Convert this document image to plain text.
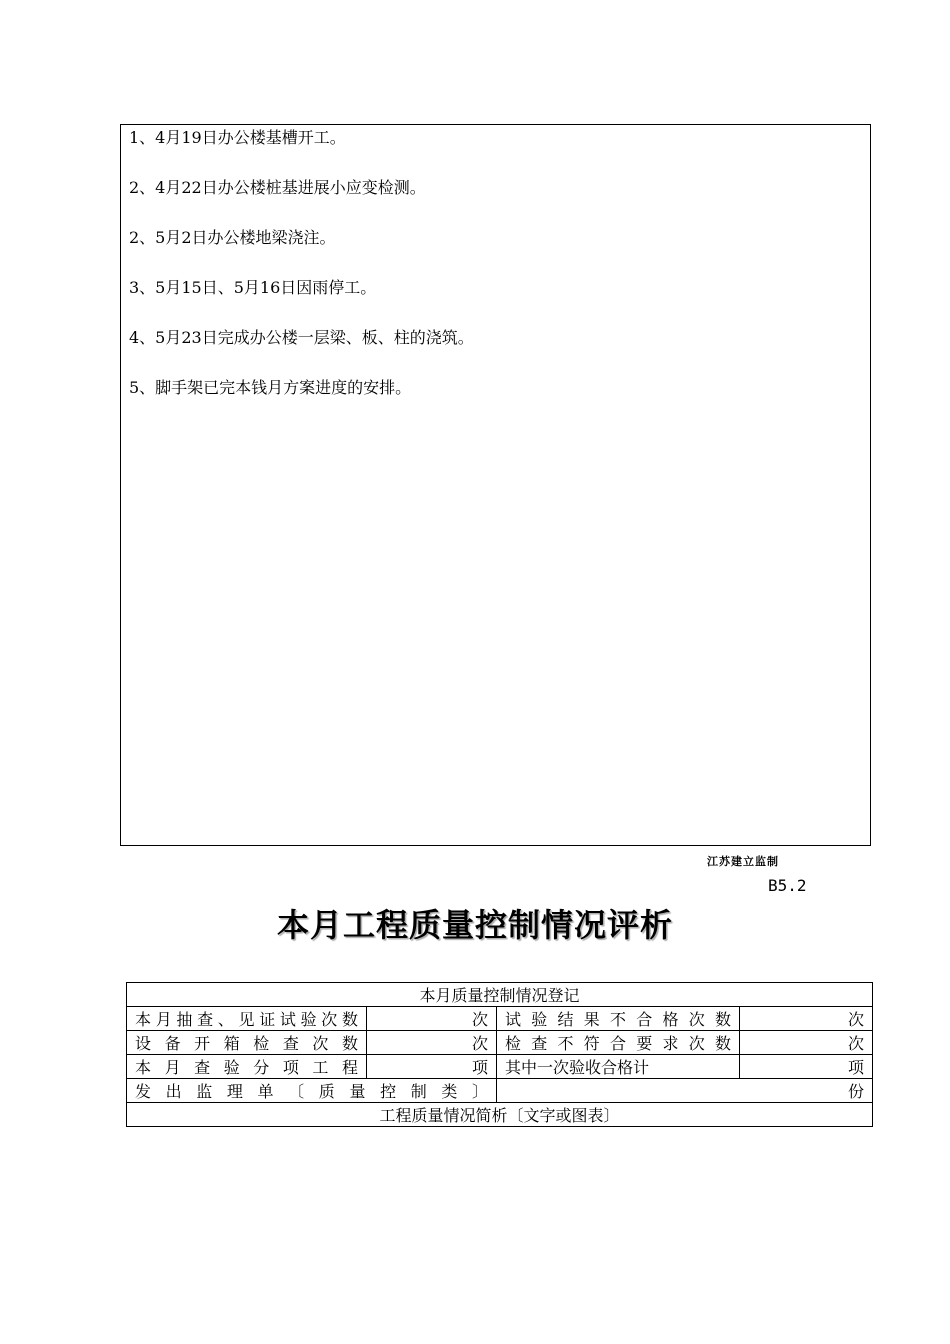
1、4月19日办公楼基槽开工。
2、4月22日办公楼桩基进展小应变检测。
2、5月2日办公楼地梁浇注。
3、5月15日、5月16日因雨停工。
4、5月23日完成办公楼一层梁、板、柱的浇筑。
5、脚手架已完本钱月方案进度的安排。
江苏建立监制
B5.2
本月工程质量控制情况评析
本月质量控制情况登记			
本月抽查、见证试验次数	次	试验结果不合格次数	次
设备开箱检查次数	次	检查不符合要求次数	次
本月查验分项工程	项	其中一次验收合格计	项
发出监理单〔质量控制类〕		份	
工程质量情况简析〔文字或图表〕			
